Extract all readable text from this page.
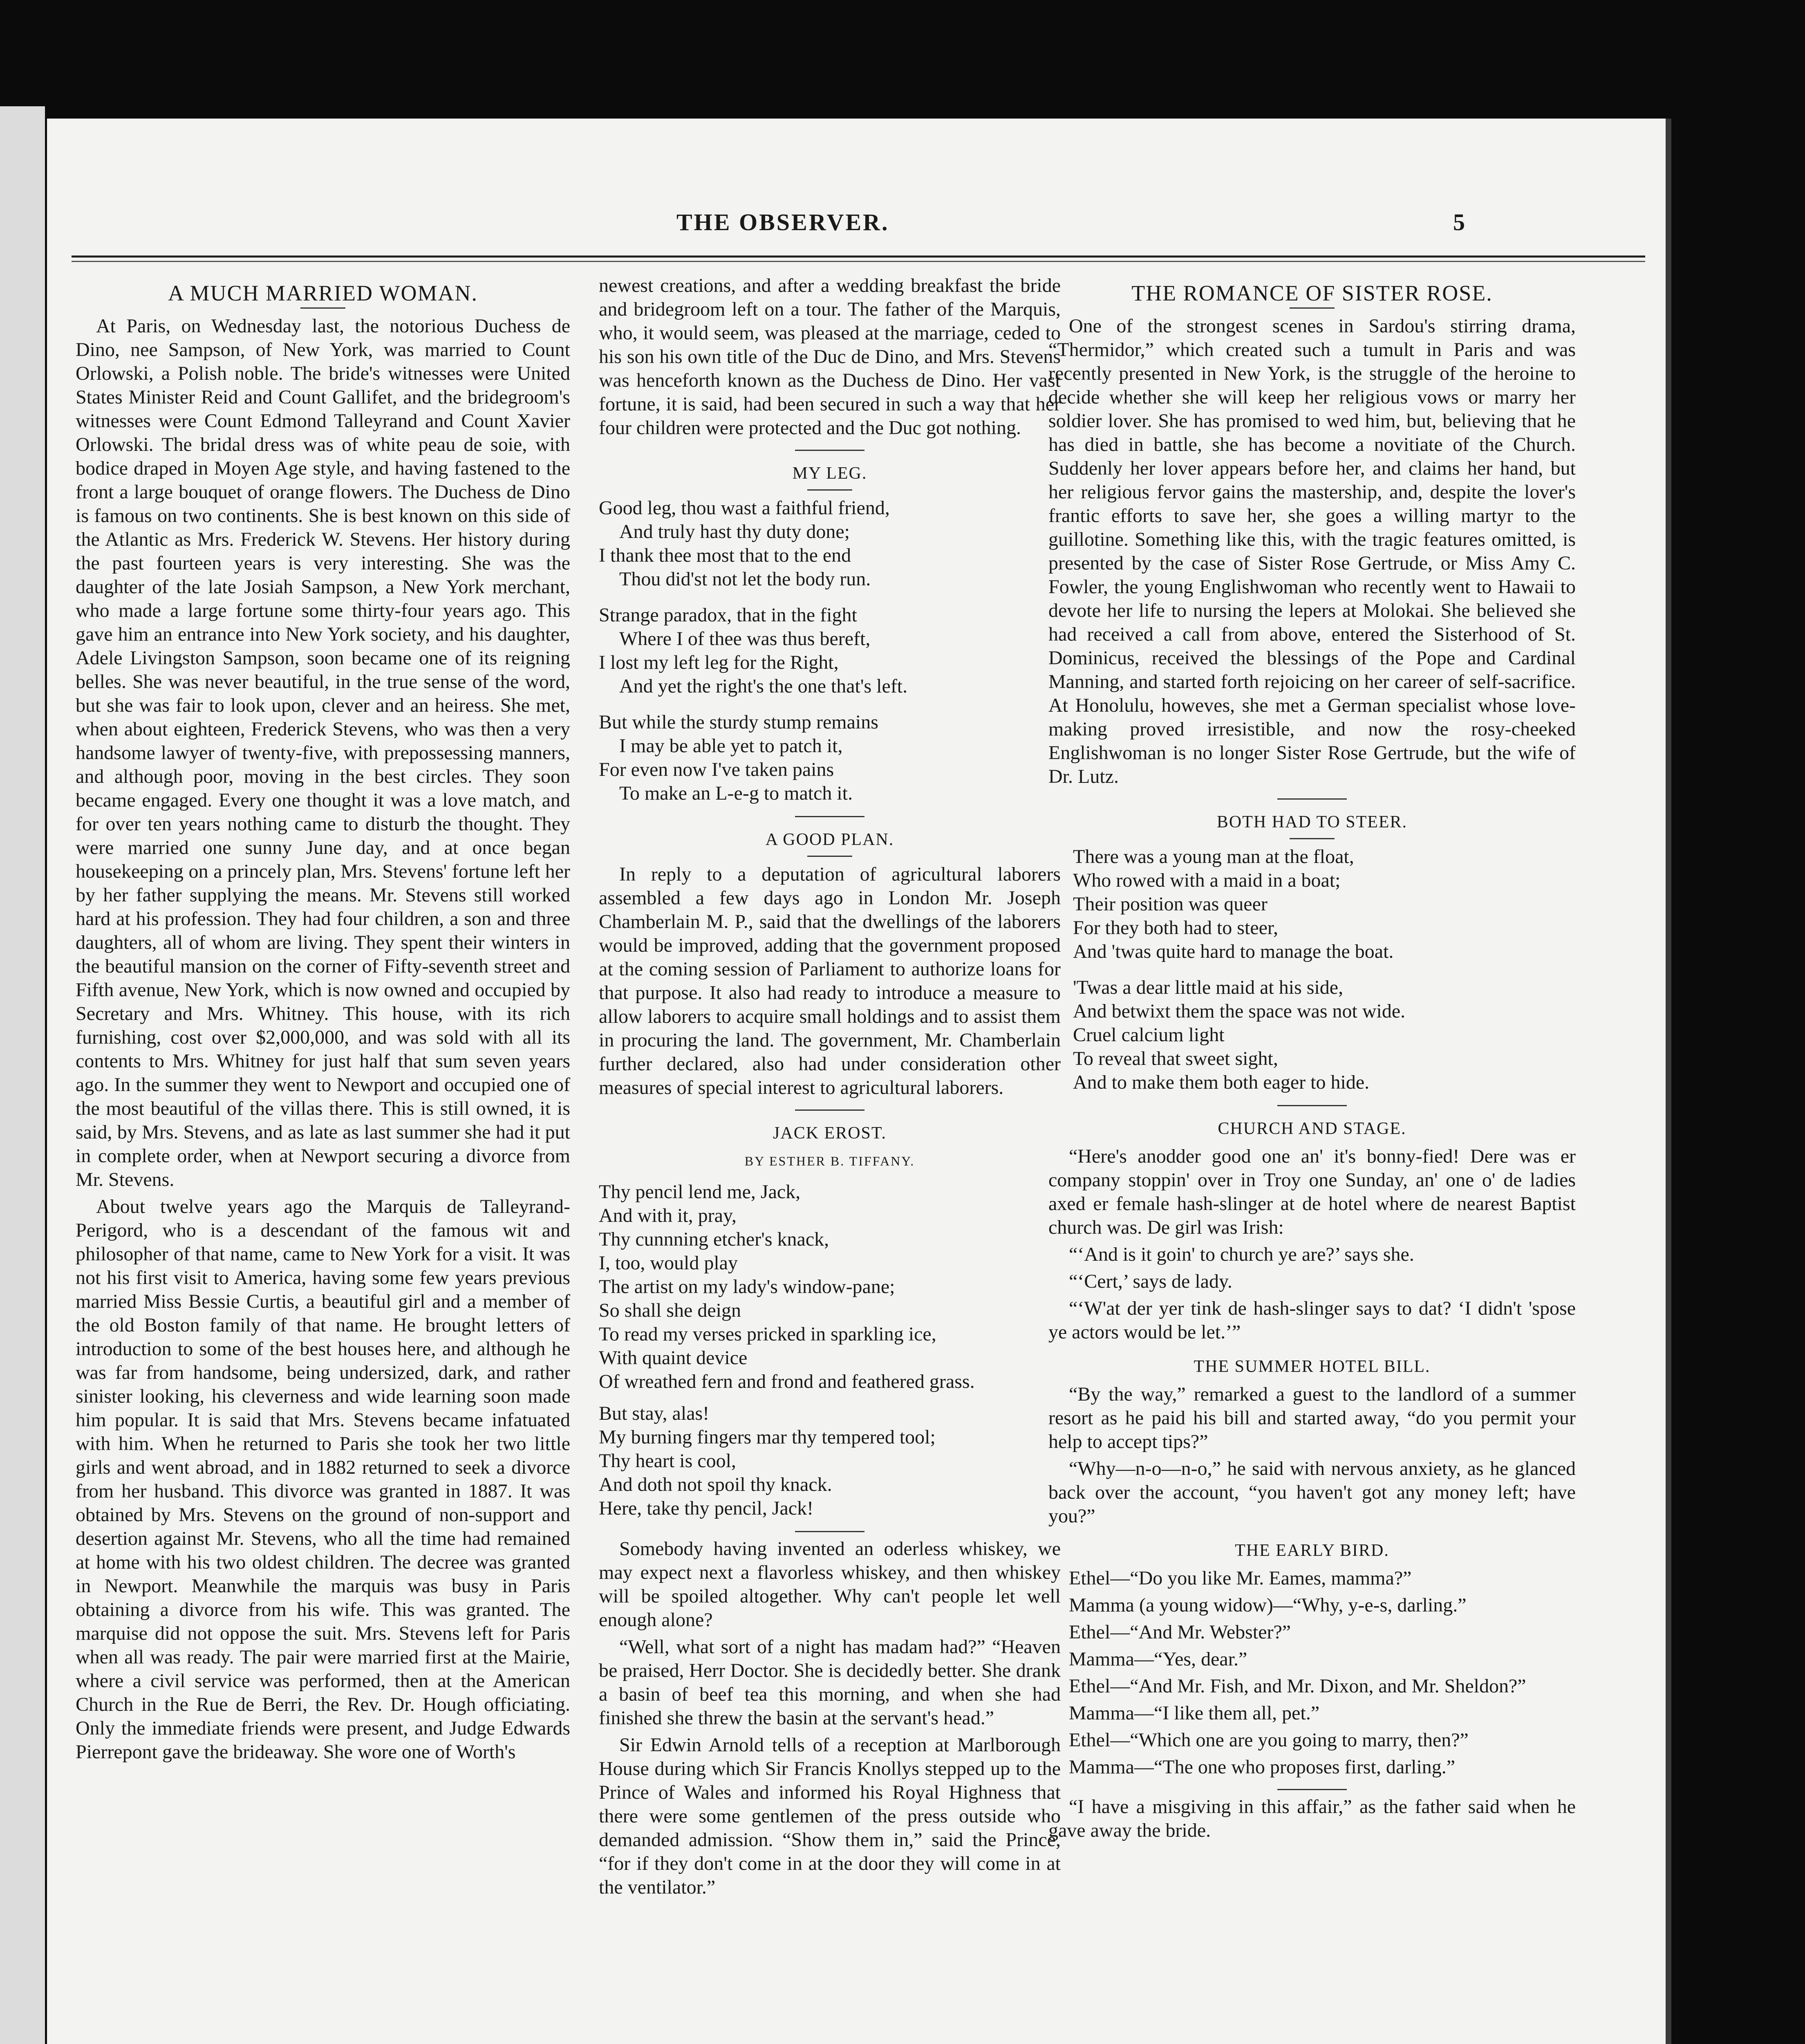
THE OBSERVER.	5
A MUCH MARRIED WOMAN.

At Paris, on Wednesday last, the notorious Duchess de Dino, nee Sampson, of New York, was married to Count Orlowski, a Polish noble. The bride's witnesses were United States Minister Reid and Count Gallifet, and the bridegroom's witnesses were Count Edmond Talleyrand and Count Xavier Orlowski. The bridal dress was of white peau de soie, with bodice draped in Moyen Age style, and having fastened to the front a large bouquet of orange flowers. The Duchess de Dino is famous on two continents. She is best known on this side of the Atlantic as Mrs. Frederick W. Stevens. Her history during the past fourteen years is very interesting. She was the daughter of the late Josiah Sampson, a New York merchant, who made a large fortune some thirty-four years ago. This gave him an entrance into New York society, and his daughter, Adele Livingston Sampson, soon became one of its reigning belles. She was never beautiful, in the true sense of the word, but she was fair to look upon, clever and an heiress. She met, when about eighteen, Frederick Stevens, who was then a very handsome lawyer of twenty-five, with prepossessing manners, and although poor, moving in the best circles. They soon became engaged. Every one thought it was a love match, and for over ten years nothing came to disturb the thought. They were married one sunny June day, and at once began housekeeping on a princely plan, Mrs. Stevens' fortune left her by her father supplying the means. Mr. Stevens still worked hard at his profession. They had four children, a son and three daughters, all of whom are living. They spent their winters in the beautiful mansion on the corner of Fifty-seventh street and Fifth avenue, New York, which is now owned and occupied by Secretary and Mrs. Whitney. This house, with its rich furnishing, cost over $2,000,000, and was sold with all its contents to Mrs. Whitney for just half that sum seven years ago. In the summer they went to Newport and occupied one of the most beautiful of the villas there. This is still owned, it is said, by Mrs. Stevens, and as late as last summer she had it put in complete order, when at Newport securing a divorce from Mr. Stevens.

About twelve years ago the Marquis de Talleyrand-Perigord, who is a descendant of the famous wit and philosopher of that name, came to New York for a visit. It was not his first visit to America, having some few years previous married Miss Bessie Curtis, a beautiful girl and a member of the old Boston family of that name. He brought letters of introduction to some of the best houses here, and although he was far from handsome, being undersized, dark, and rather sinister looking, his cleverness and wide learning soon made him popular. It is said that Mrs. Stevens became infatuated with him. When he returned to Paris she took her two little girls and went abroad, and in 1882 returned to seek a divorce from her husband. This divorce was granted in 1887. It was obtained by Mrs. Stevens on the ground of non-support and desertion against Mr. Stevens, who all the time had remained at home with his two oldest children. The decree was granted in Newport. Meanwhile the marquis was busy in Paris obtaining a divorce from his wife. This was granted. The marquise did not oppose the suit. Mrs. Stevens left for Paris when all was ready. The pair were married first at the Mairie, where a civil service was performed, then at the American Church in the Rue de Berri, the Rev. Dr. Hough officiating. Only the immediate friends were present, and Judge Edwards Pierrepont gave the brideaway. She wore one of Worth's

newest creations, and after a wedding breakfast the bride and bridegroom left on a tour. The father of the Marquis, who, it would seem, was pleased at the marriage, ceded to his son his own title of the Duc de Dino, and Mrs. Stevens was henceforth known as the Duchess de Dino. Her vast fortune, it is said, had been secured in such a way that her four children were protected and the Duc got nothing.

MY LEG.
Good leg, thou wast a faithful friend,
And truly hast thy duty done;
I thank thee most that to the end
Thou did'st not let the body run.
Strange paradox, that in the fight
Where I of thee was thus bereft,
I lost my left leg for the Right,
And yet the right's the one that's left.
But while the sturdy stump remains
I may be able yet to patch it,
For even now I've taken pains
To make an L-e-g to match it.
A GOOD PLAN.

In reply to a deputation of agricultural laborers assembled a few days ago in London Mr. Joseph Chamberlain M. P., said that the dwellings of the laborers would be improved, adding that the government proposed at the coming session of Parliament to authorize loans for that purpose. It also had ready to introduce a measure to allow laborers to acquire small holdings and to assist them in procuring the land. The government, Mr. Chamberlain further declared, also had under consideration other measures of special interest to agricultural laborers.

JACK EROST.
BY ESTHER B. TIFFANY.
Thy pencil lend me, Jack,
And with it, pray,
Thy cunnning etcher's knack,
I, too, would play
The artist on my lady's window-pane;
So shall she deign
To read my verses pricked in sparkling ice,
With quaint device
Of wreathed fern and frond and feathered grass.
But stay, alas!
My burning fingers mar thy tempered tool;
Thy heart is cool,
And doth not spoil thy knack.
Here, take thy pencil, Jack!

Somebody having invented an oderless whiskey, we may expect next a flavorless whiskey, and then whiskey will be spoiled altogether. Why can't people let well enough alone?

“Well, what sort of a night has madam had?” “Heaven be praised, Herr Doctor. She is decidedly better. She drank a basin of beef tea this morning, and when she had finished she threw the basin at the servant's head.”

Sir Edwin Arnold tells of a reception at Marlborough House during which Sir Francis Knollys stepped up to the Prince of Wales and informed his Royal Highness that there were some gentlemen of the press outside who demanded admission. “Show them in,” said the Prince, “for if they don't come in at the door they will come in at the ventilator.”

THE ROMANCE OF SISTER ROSE.

One of the strongest scenes in Sardou's stirring drama, “Thermidor,” which created such a tumult in Paris and was recently presented in New York, is the struggle of the heroine to decide whether she will keep her religious vows or marry her soldier lover. She has promised to wed him, but, believing that he has died in battle, she has become a novitiate of the Church. Suddenly her lover appears before her, and claims her hand, but her religious fervor gains the mastership, and, despite the lover's frantic efforts to save her, she goes a willing martyr to the guillotine. Something like this, with the tragic features omitted, is presented by the case of Sister Rose Gertrude, or Miss Amy C. Fowler, the young Englishwoman who recently went to Hawaii to devote her life to nursing the lepers at Molokai. She believed she had received a call from above, entered the Sisterhood of St. Dominicus, received the blessings of the Pope and Cardinal Manning, and started forth rejoicing on her career of self-sacrifice. At Honolulu, howeves, she met a German specialist whose love-making proved irresistible, and now the rosy-cheeked Englishwoman is no longer Sister Rose Gertrude, but the wife of Dr. Lutz.

BOTH HAD TO STEER.
There was a young man at the float,
Who rowed with a maid in a boat;
Their position was queer
For they both had to steer,
And 'twas quite hard to manage the boat.
'Twas a dear little maid at his side,
And betwixt them the space was not wide.
Cruel calcium light
To reveal that sweet sight,
And to make them both eager to hide.
CHURCH AND STAGE.

“Here's anodder good one an' it's bonny-fied! Dere was er company stoppin' over in Troy one Sunday, an' one o' de ladies axed er female hash-slinger at de hotel where de nearest Baptist church was. De girl was Irish:

“‘And is it goin' to church ye are?’ says she.

“‘Cert,’ says de lady.

“‘W'at der yer tink de hash-slinger says to dat? ‘I didn't 'spose ye actors would be let.’”

THE SUMMER HOTEL BILL.

“By the way,” remarked a guest to the landlord of a summer resort as he paid his bill and started away, “do you permit your help to accept tips?”

“Why—n-o—n-o,” he said with nervous anxiety, as he glanced back over the account, “you haven't got any money left; have you?”

THE EARLY BIRD.

Ethel—“Do you like Mr. Eames, mamma?”

Mamma (a young widow)—“Why, y-e-s, darling.”

Ethel—“And Mr. Webster?”

Mamma—“Yes, dear.”

Ethel—“And Mr. Fish, and Mr. Dixon, and Mr. Sheldon?”

Mamma—“I like them all, pet.”

Ethel—“Which one are you going to marry, then?”

Mamma—“The one who proposes first, darling.”

“I have a misgiving in this affair,” as the father said when he gave away the bride.
